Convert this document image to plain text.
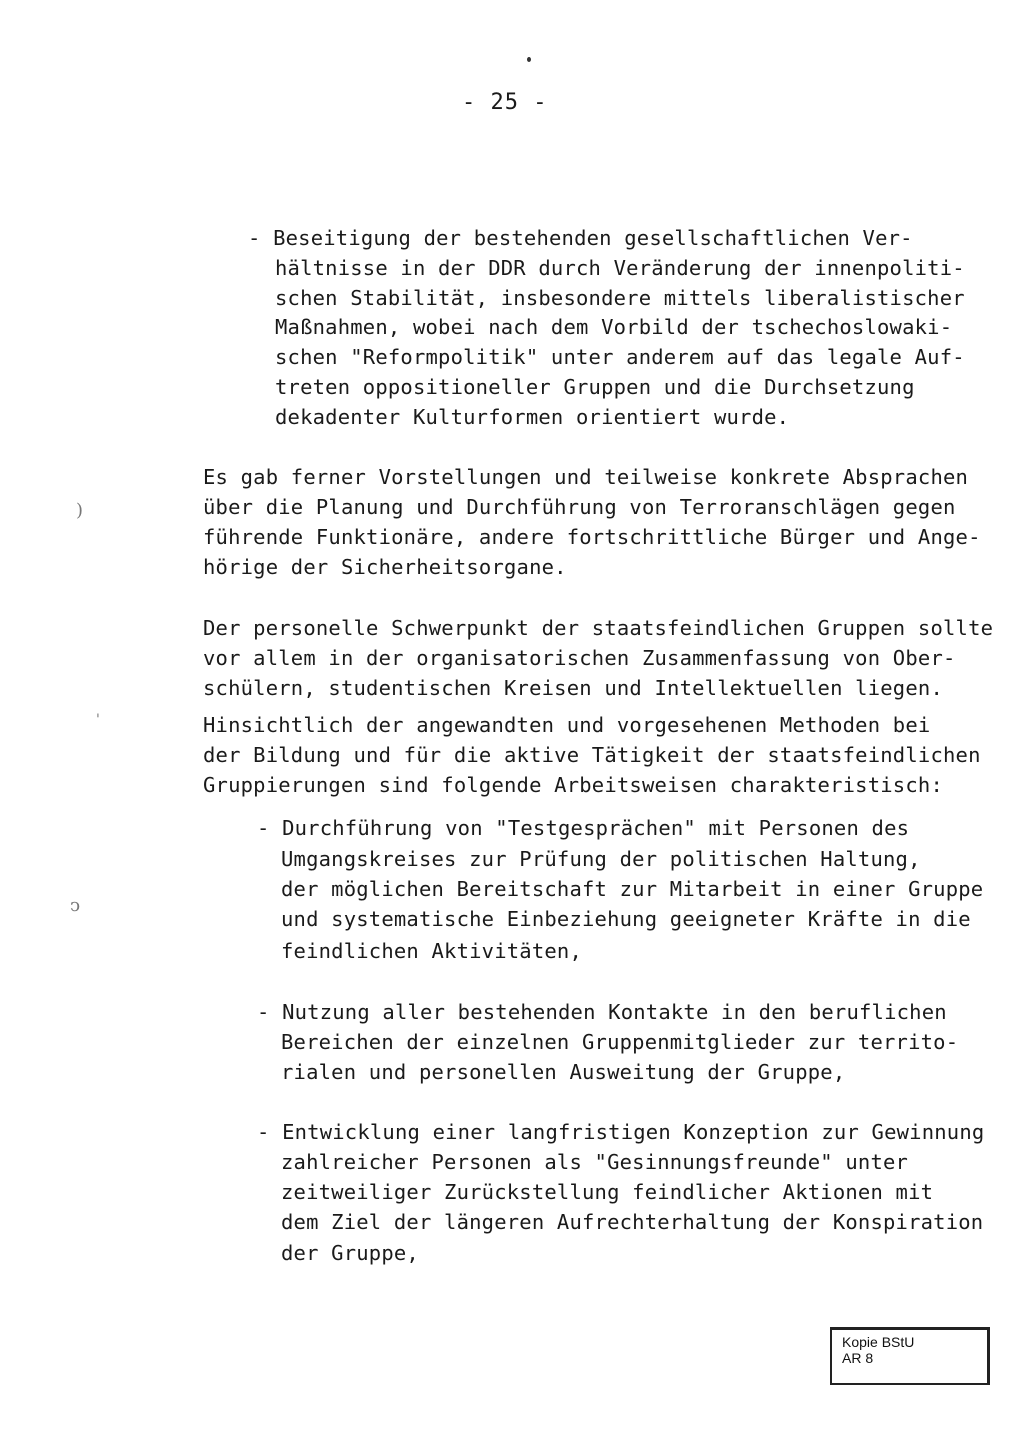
- 25 -
- Beseitigung der bestehenden gesellschaftlichen Ver-
hältnisse in der DDR durch Veränderung der innenpoliti-
schen Stabilität, insbesondere mittels liberalistischer
Maßnahmen, wobei nach dem Vorbild der tschechoslowaki-
schen "Reformpolitik" unter anderem auf das legale Auf-
treten oppositioneller Gruppen und die Durchsetzung
dekadenter Kulturformen orientiert wurde.
Es gab ferner Vorstellungen und teilweise konkrete Absprachen
über die Planung und Durchführung von Terroranschlägen gegen
führende Funktionäre, andere fortschrittliche Bürger und Ange-
hörige der Sicherheitsorgane.
Der personelle Schwerpunkt der staatsfeindlichen Gruppen sollte
vor allem in der organisatorischen Zusammenfassung von Ober-
schülern, studentischen Kreisen und Intellektuellen liegen.
Hinsichtlich der angewandten und vorgesehenen Methoden bei
der Bildung und für die aktive Tätigkeit der staatsfeindlichen
Gruppierungen sind folgende Arbeitsweisen charakteristisch:
- Durchführung von "Testgesprächen" mit Personen des
Umgangskreises zur Prüfung der politischen Haltung,
der möglichen Bereitschaft zur Mitarbeit in einer Gruppe
und systematische Einbeziehung geeigneter Kräfte in die
feindlichen Aktivitäten,
- Nutzung aller bestehenden Kontakte in den beruflichen
Bereichen der einzelnen Gruppenmitglieder zur territo-
rialen und personellen Ausweitung der Gruppe,
- Entwicklung einer langfristigen Konzeption zur Gewinnung
zahlreicher Personen als "Gesinnungsfreunde" unter
zeitweiliger Zurückstellung feindlicher Aktionen mit
dem Ziel der längeren Aufrechterhaltung der Konspiration
der Gruppe,
)
'
ↄ
Kopie BStU
AR 8
